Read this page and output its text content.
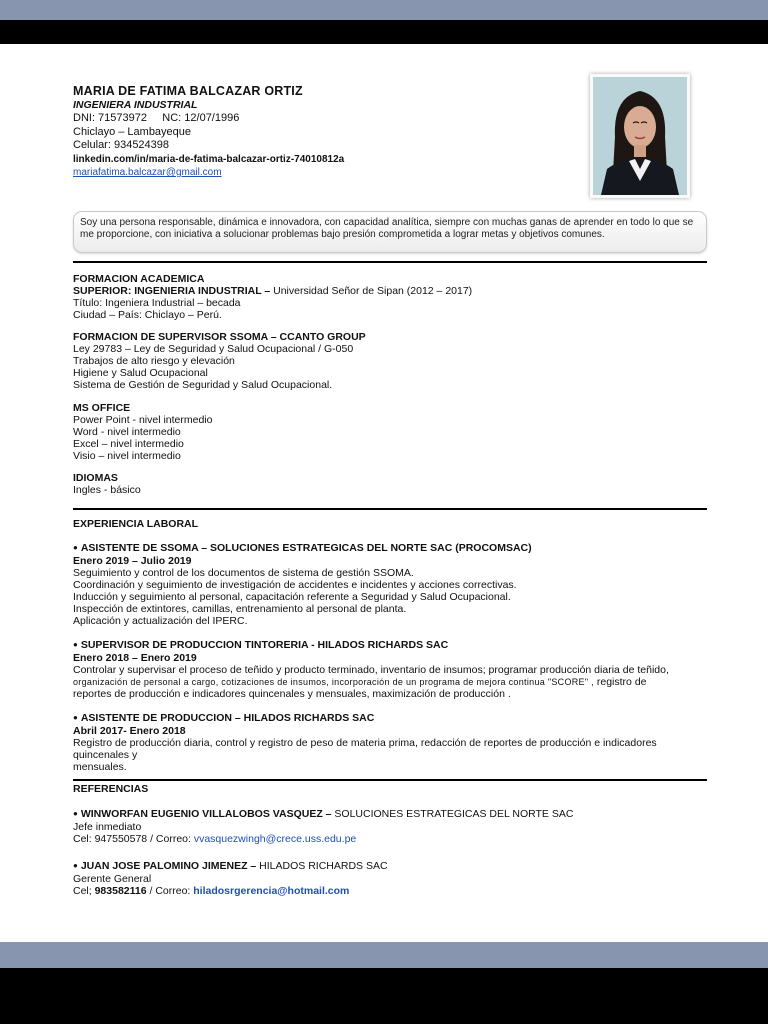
MARIA DE FATIMA BALCAZAR ORTIZ
INGENIERA INDUSTRIAL
DNI: 71573972     NC: 12/07/1996
Chiclayo – Lambayeque
Celular: 934524398
linkedin.com/in/maria-de-fatima-balcazar-ortiz-74010812a
mariafatima.balcazar@gmail.com
Soy una persona responsable, dinámica e innovadora, con capacidad analítica, siempre con muchas ganas de aprender en todo lo que se me proporcione, con iniciativa a solucionar problemas bajo presión comprometida a lograr metas y objetivos comunes.
FORMACION ACADEMICA
SUPERIOR: INGENIERIA INDUSTRIAL – Universidad Señor de Sipan (2012 – 2017)
Título: Ingeniera Industrial – becada
Ciudad – País: Chiclayo – Perú.
FORMACION DE SUPERVISOR SSOMA – CCANTO GROUP
Ley 29783 – Ley de Seguridad y Salud Ocupacional / G-050
Trabajos de alto riesgo y elevación
Higiene y Salud Ocupacional
Sistema de Gestión de Seguridad y Salud Ocupacional.
MS OFFICE
Power Point - nivel intermedio
Word - nivel intermedio
Excel – nivel intermedio
Visio – nivel intermedio
IDIOMAS
Ingles - básico
EXPERIENCIA LABORAL
● ASISTENTE DE SSOMA – SOLUCIONES ESTRATEGICAS DEL NORTE SAC (PROCOMSAC)
Enero 2019 – Julio 2019
Seguimiento y control de los documentos de sistema de gestión SSOMA.
Coordinación y seguimiento de investigación de accidentes e incidentes y acciones correctivas.
Inducción y seguimiento al personal, capacitación referente a Seguridad y Salud Ocupacional.
Inspección de extintores, camillas, entrenamiento al personal de planta.
Aplicación y actualización del IPERC.
● SUPERVISOR DE PRODUCCION TINTORERIA - HILADOS RICHARDS SAC
Enero 2018 – Enero 2019
Controlar y supervisar el proceso de teñido y producto terminado, inventario de insumos; programar producción diaria de teñido,
organización de personal a cargo, cotizaciones de insumos, incorporación de un programa de mejora continua "SCORE" , registro de
reportes de producción e indicadores quincenales y mensuales, maximización de producción .
● ASISTENTE DE PRODUCCION – HILADOS RICHARDS SAC
Abril 2017- Enero 2018
Registro de producción diaria, control y registro de peso de materia prima, redacción de reportes de producción e indicadores quincenales y
mensuales.
REFERENCIAS
● WINWORFAN EUGENIO VILLALOBOS VASQUEZ – SOLUCIONES ESTRATEGICAS DEL NORTE SAC
Jefe inmediato
Cel: 947550578 / Correo: vvasquezwingh@crece.uss.edu.pe
● JUAN JOSE PALOMINO JIMENEZ – HILADOS RICHARDS SAC
Gerente General
Cel; 983582116 / Correo: hiladosrgerencia@hotmail.com
